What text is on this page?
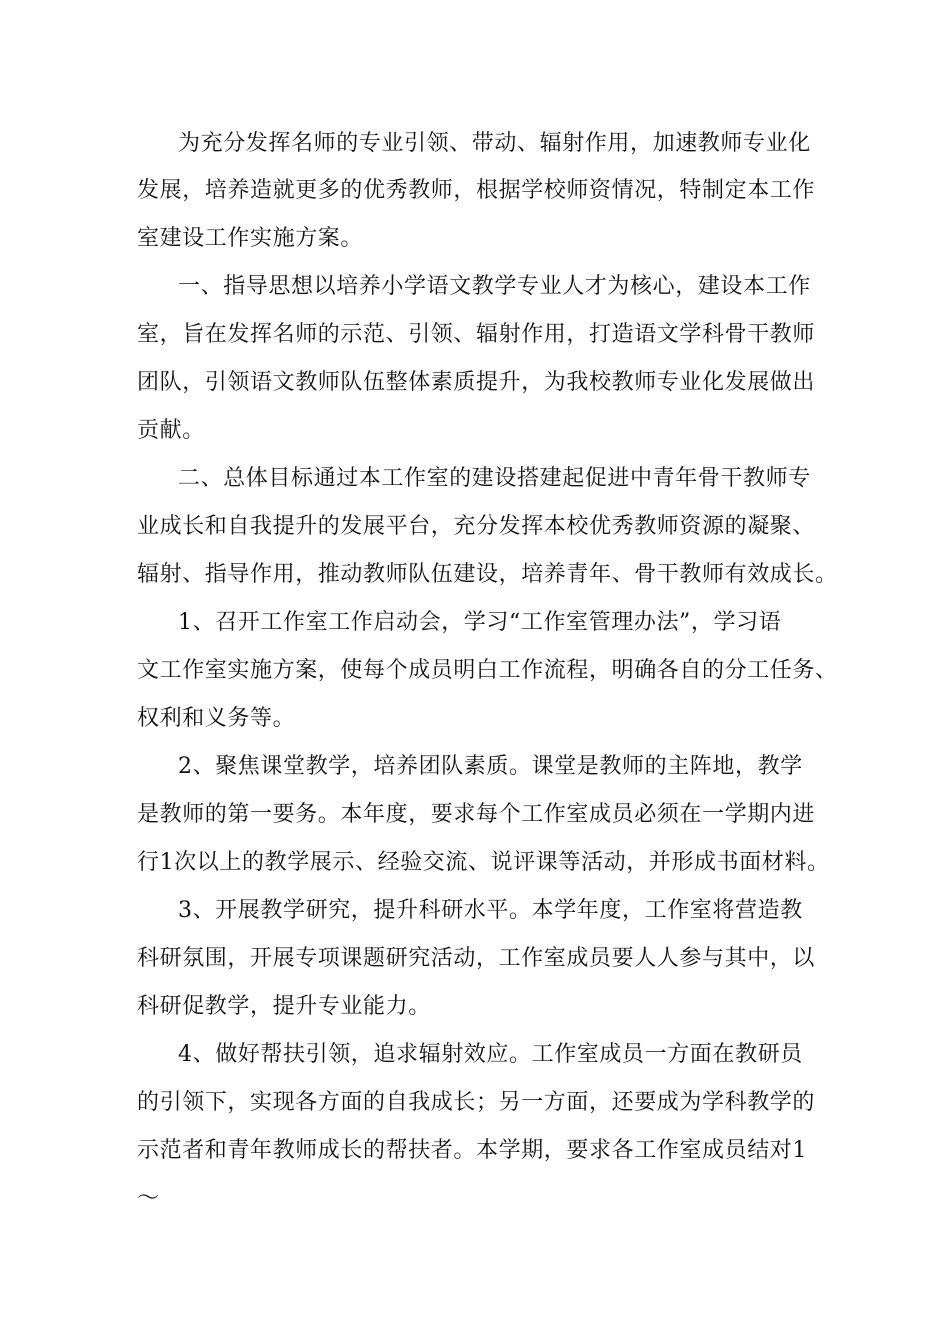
为充分发挥名师的专业引领、带动、辐射作用，加速教师专业化
发展，培养造就更多的优秀教师，根据学校师资情况，特制定本工作
室建设工作实施方案。
一、指导思想以培养小学语文教学专业人才为核心，建设本工作
室，旨在发挥名师的示范、引领、辐射作用，打造语文学科骨干教师
团队，引领语文教师队伍整体素质提升，为我校教师专业化发展做出
贡献。
二、总体目标通过本工作室的建设搭建起促进中青年骨干教师专
业成长和自我提升的发展平台，充分发挥本校优秀教师资源的凝聚、
辐射、指导作用，推动教师队伍建设，培养青年、骨干教师有效成长。
1、召开工作室工作启动会，学习“工作室管理办法”，学习语
文工作室实施方案，使每个成员明白工作流程，明确各自的分工任务、
权利和义务等。
2、聚焦课堂教学，培养团队素质。课堂是教师的主阵地，教学
是教师的第一要务。本年度，要求每个工作室成员必须在一学期内进
行1次以上的教学展示、经验交流、说评课等活动，并形成书面材料。
3、开展教学研究，提升科研水平。本学年度，工作室将营造教
科研氛围，开展专项课题研究活动，工作室成员要人人参与其中，以
科研促教学，提升专业能力。
4、做好帮扶引领，追求辐射效应。工作室成员一方面在教研员
的引领下，实现各方面的自我成长；另一方面，还要成为学科教学的
示范者和青年教师成长的帮扶者。本学期，要求各工作室成员结对1
〜
